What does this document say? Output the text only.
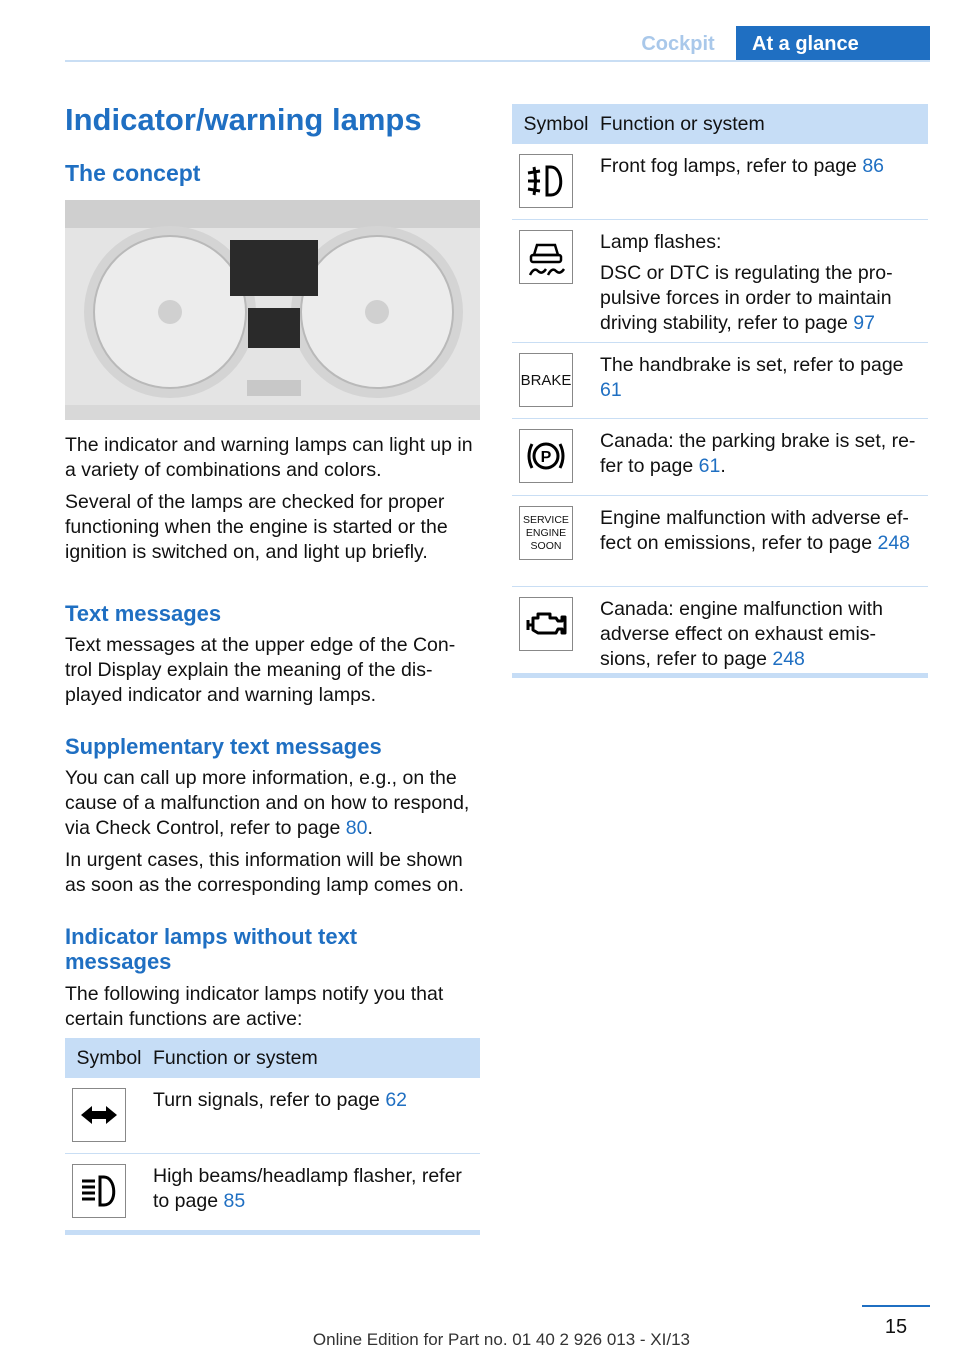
Cockpit	At a glance
Indicator/warning lamps
The concept

The indicator and warning lamps can light up in a variety of combinations and colors.

Several of the lamps are checked for proper functioning when the engine is started or the ignition is switched on, and light up briefly.

Text messages

Text messages at the upper edge of the Con- trol Display explain the meaning of the dis- played indicator and warning lamps.

Supplementary text messages

You can call up more information, e.g., on the cause of a malfunction and on how to respond, via Check Control, refer to page 80.

In urgent cases, this information will be shown as soon as the corresponding lamp comes on.

Indicator lamps without text messages

The following indicator lamps notify you that certain functions are active:

Symbol Function or system
Turn signals, refer to page 62
High beams/headlamp flasher, refer to page 85
Symbol Function or system
Front fog lamps, refer to page 86

Lamp flashes:

DSC or DTC is regulating the pro- pulsive forces in order to maintain driving stability, refer to page 97

BRAKE
The handbrake is set, refer to page 61
P
Canada: the parking brake is set, re- fer to page 61.
SERVICE
ENGINE
SOON
Engine malfunction with adverse ef- fect on emissions, refer to page 248
Canada: engine malfunction with adverse effect on exhaust emis- sions, refer to page 248
15
Online Edition for Part no. 01 40 2 926 013 - XI/13
